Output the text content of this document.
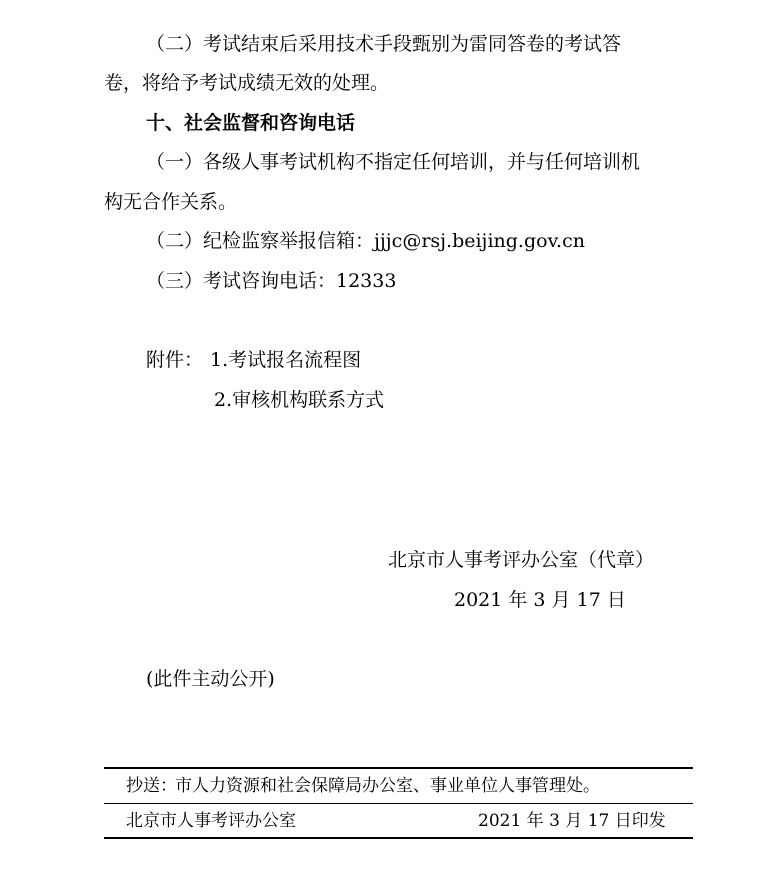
（二）考试结束后采用技术手段甄别为雷同答卷的考试答
卷，将给予考试成绩无效的处理。
十、社会监督和咨询电话
（一）各级人事考试机构不指定任何培训，并与任何培训机
构无合作关系。
（二）纪检监察举报信箱：jjjc@rsj.beijing.gov.cn
（三）考试咨询电话：12333
附件： 1.考试报名流程图
2.审核机构联系方式
北京市人事考评办公室（代章）
2021 年 3 月 17 日
(此件主动公开)
抄送：
市人力资源和社会保障局办公室、事业单位人事管理处。
北京市人事考评办公室	2021 年 3 月 17 日印发
